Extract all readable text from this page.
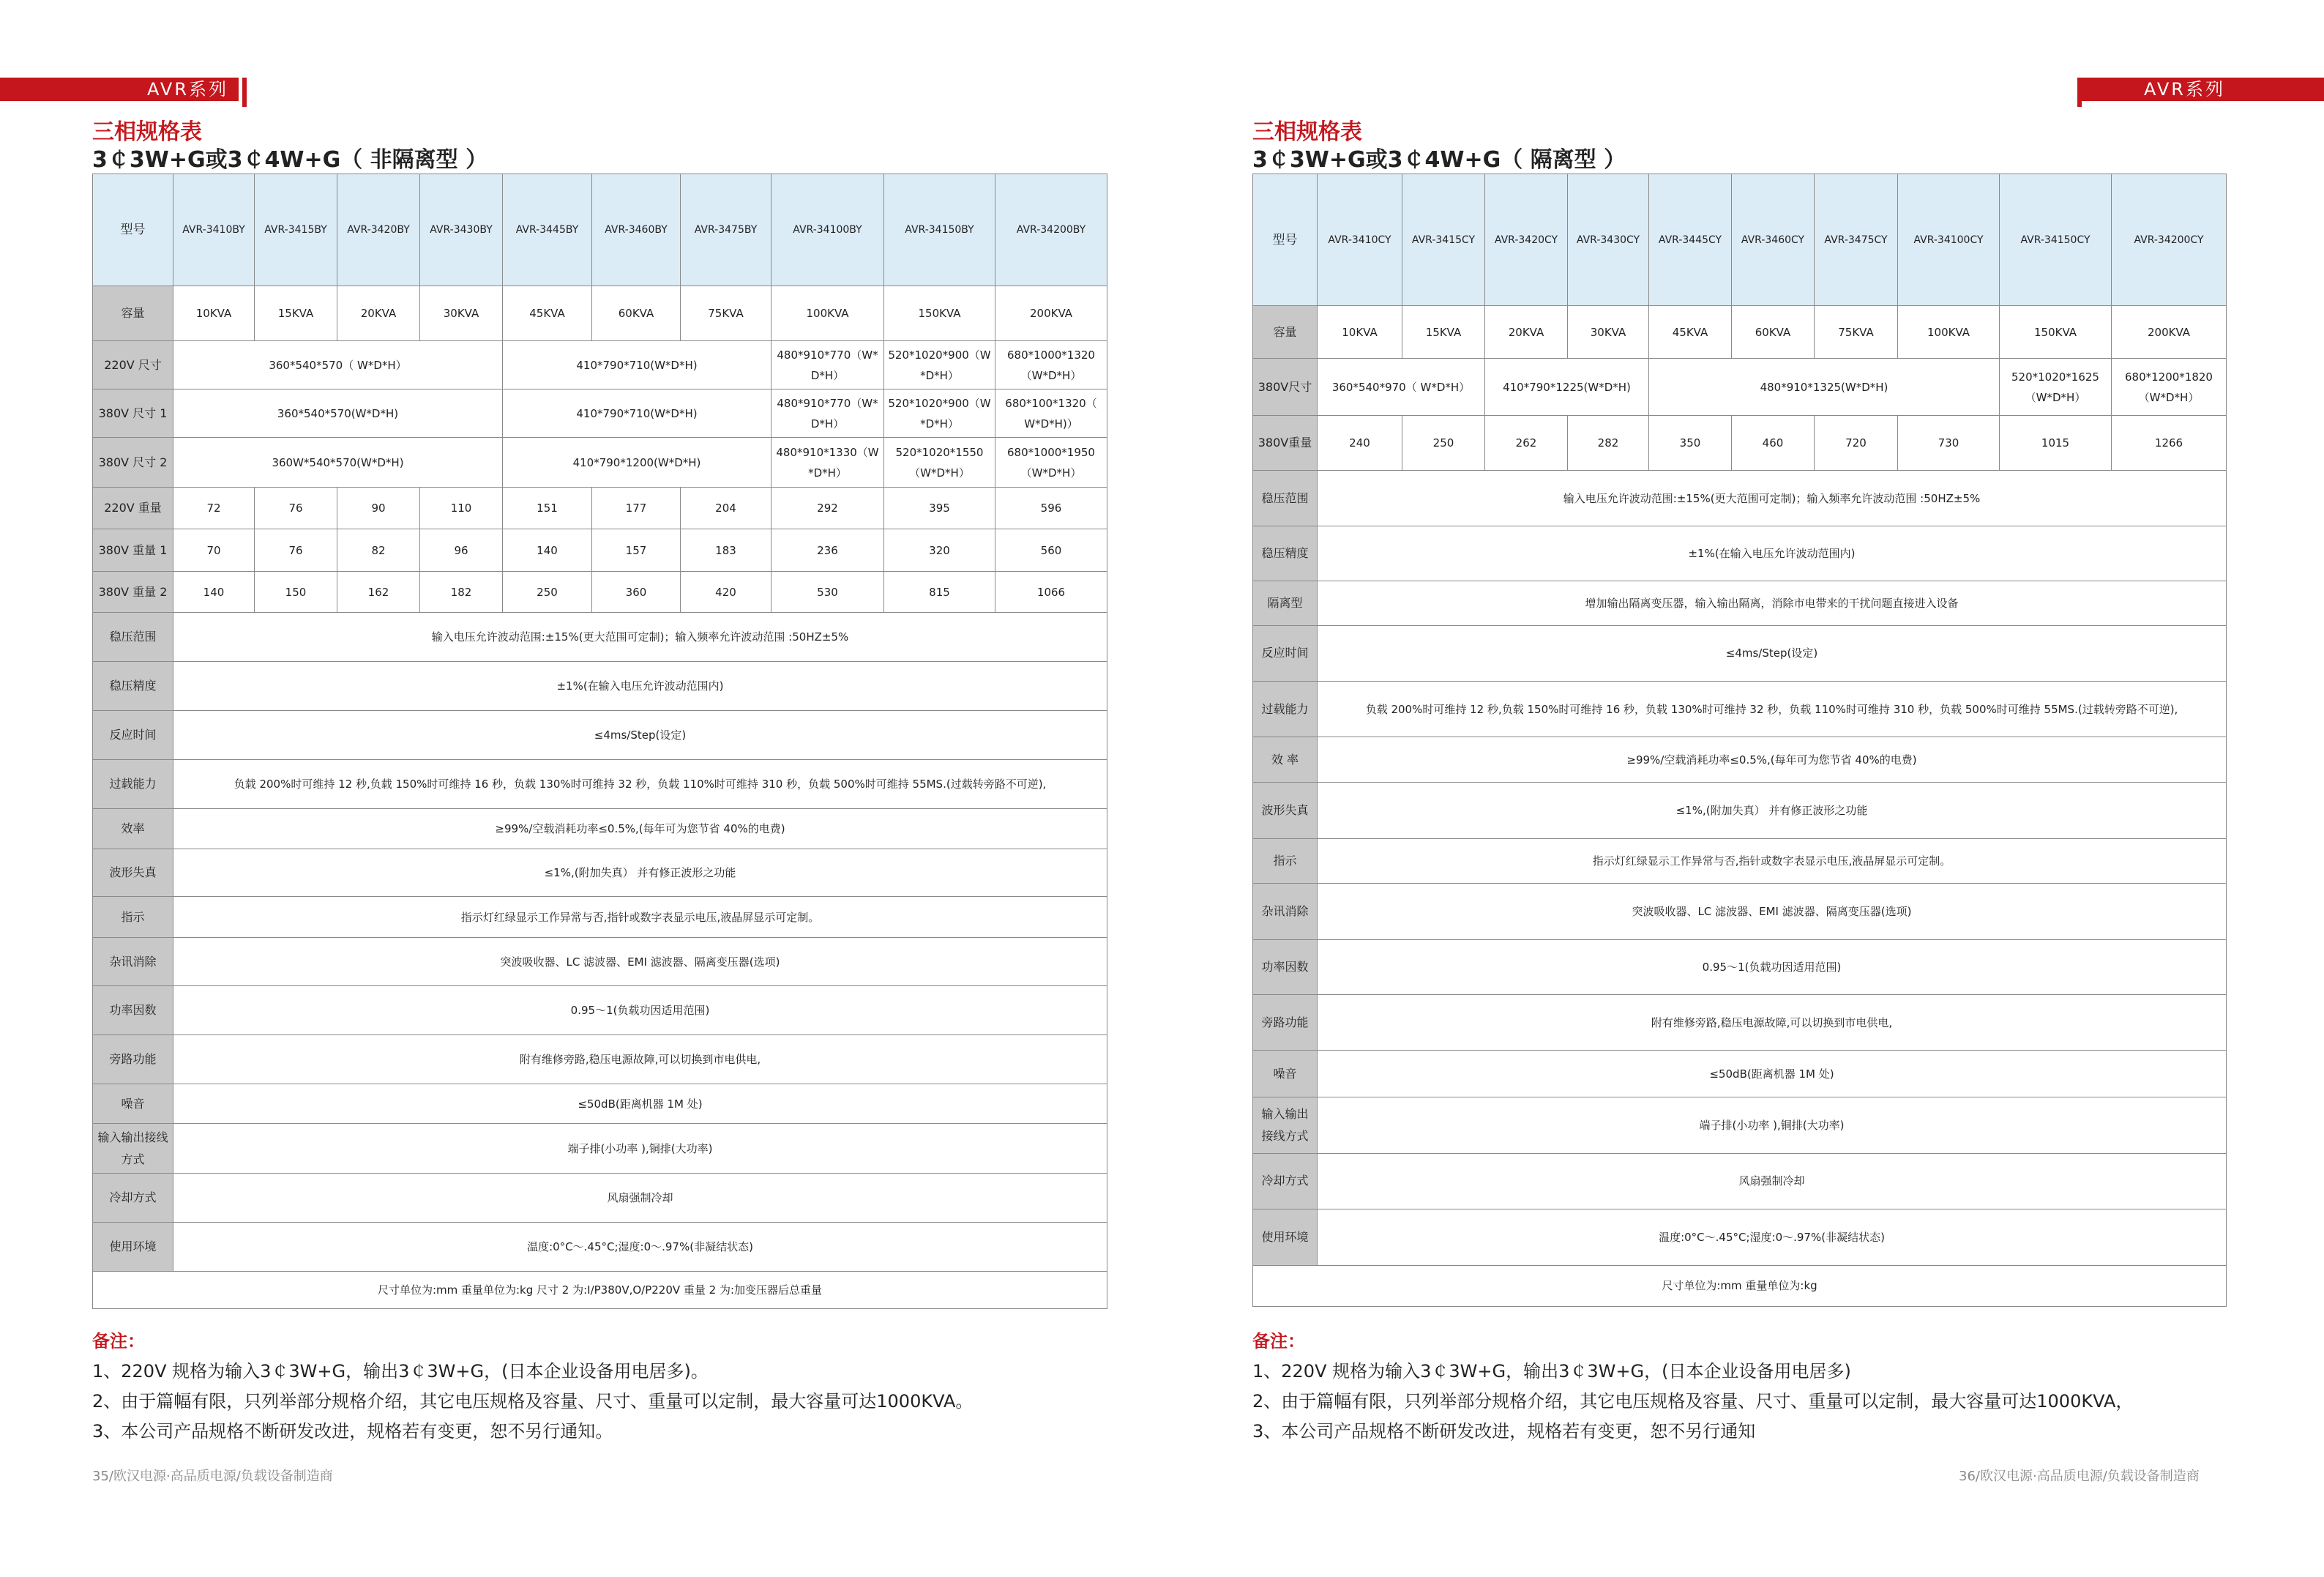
AVR系列	AVR系列
三相规格表
3￠3W+G或3￠4W+G（ 非隔离型 ）
型号	AVR-3410BY	AVR-3415BY	AVR-3420BY	AVR-3430BY	AVR-3445BY	AVR-3460BY	AVR-3475BY	AVR-34100BY	AVR-34150BY	AVR-34200BY
容量	10KVA	15KVA	20KVA	30KVA	45KVA	60KVA	75KVA	100KVA	150KVA	200KVA
220V 尺寸	360*540*570（ W*D*H）				410*790*710(W*D*H)			480*910*770（W*D*H）	520*1020*900（W*D*H）	680*1000*1320（W*D*H）
380V 尺寸 1	360*540*570(W*D*H)				410*790*710(W*D*H)			480*910*770（W*D*H）	520*1020*900（W*D*H）	680*100*1320（ W*D*H)）
380V 尺寸 2	360W*540*570(W*D*H)				410*790*1200(W*D*H)			480*910*1330（W*D*H）	520*1020*1550（W*D*H）	680*1000*1950（W*D*H）
220V 重量	72	76	90	110	151	177	204	292	395	596
380V 重量 1	70	76	82	96	140	157	183	236	320	560
380V 重量 2	140	150	162	182	250	360	420	530	815	1066
稳压范围	输入电压允许波动范围:±15%(更大范围可定制)；输入频率允许波动范围 :50HZ±5%									
稳压精度	±1%(在输入电压允许波动范围内)									
反应时间	≤4ms/Step(设定)									
过载能力	负载 200%时可维持 12 秒,负载 150%时可维持 16 秒，负载 130%时可维持 32 秒，负载 110%时可维持 310 秒，负载 500%时可维持 55MS.(过载转旁路不可逆),									
效率	≥99%/空载消耗功率≤0.5%,(每年可为您节省 40%的电费)									
波形失真	≤1%,(附加失真） 并有修正波形之功能									
指示	指示灯红绿显示工作异常与否,指针或数字表显示电压,液晶屏显示可定制。									
杂讯消除	突波吸收器、LC 滤波器、EMI 滤波器、隔离变压器(选项)									
功率因数	0.95～1(负载功因适用范围)									
旁路功能	附有维修旁路,稳压电源故障,可以切换到市电供电,									
噪音	≤50dB(距离机器 1M 处)									
输入输出接线方式	端子排(小功率 ),铜排(大功率)									
冷却方式	风扇强制冷却									
使用环境	温度:0°C～.45°C;湿度:0～.97%(非凝结状态)									
尺寸单位为:mm 重量单位为:kg 尺寸 2 为:I/P380V,O/P220V 重量 2 为:加变压器后总重量										
备注：
1、220V 规格为输入3￠3W+G，输出3￠3W+G，(日本企业设备用电居多)。
2、由于篇幅有限，只列举部分规格介绍，其它电压规格及容量、尺寸、重量可以定制，最大容量可达1000KVA。
3、本公司产品规格不断研发改进，规格若有变更，恕不另行通知。
35/欧汉电源·高品质电源/负载设备制造商
三相规格表
3￠3W+G或3￠4W+G（ 隔离型 ）
型号	AVR-3410CY	AVR-3415CY	AVR-3420CY	AVR-3430CY	AVR-3445CY	AVR-3460CY	AVR-3475CY	AVR-34100CY	AVR-34150CY	AVR-34200CY
容量	10KVA	15KVA	20KVA	30KVA	45KVA	60KVA	75KVA	100KVA	150KVA	200KVA
380V尺寸	360*540*970（ W*D*H）		410*790*1225(W*D*H)		480*910*1325(W*D*H)				520*1020*1625（W*D*H）	680*1200*1820（W*D*H）
380V重量	240	250	262	282	350	460	720	730	1015	1266
稳压范围	输入电压允许波动范围:±15%(更大范围可定制)；输入频率允许波动范围 :50HZ±5%									
稳压精度	±1%(在输入电压允许波动范围内)									
隔离型	增加输出隔离变压器，输入输出隔离，消除市电带来的干扰问题直接进入设备									
反应时间	≤4ms/Step(设定)									
过载能力	负载 200%时可维持 12 秒,负载 150%时可维持 16 秒，负载 130%时可维持 32 秒，负载 110%时可维持 310 秒，负载 500%时可维持 55MS.(过载转旁路不可逆),									
效 率	≥99%/空载消耗功率≤0.5%,(每年可为您节省 40%的电费)									
波形失真	≤1%,(附加失真） 并有修正波形之功能									
指示	指示灯红绿显示工作异常与否,指针或数字表显示电压,液晶屏显示可定制。									
杂讯消除	突波吸收器、LC 滤波器、EMI 滤波器、隔离变压器(选项)									
功率因数	0.95～1(负载功因适用范围)									
旁路功能	附有维修旁路,稳压电源故障,可以切换到市电供电,									
噪音	≤50dB(距离机器 1M 处)									
输入输出接线方式	端子排(小功率 ),铜排(大功率)									
冷却方式	风扇强制冷却									
使用环境	温度:0°C～.45°C;湿度:0～.97%(非凝结状态)									
尺寸单位为:mm 重量单位为:kg										
备注：
1、220V 规格为输入3￠3W+G，输出3￠3W+G，(日本企业设备用电居多)
2、由于篇幅有限，只列举部分规格介绍，其它电压规格及容量、尺寸、重量可以定制，最大容量可达1000KVA，
3、本公司产品规格不断研发改进，规格若有变更，恕不另行通知
36/欧汉电源·高品质电源/负载设备制造商
